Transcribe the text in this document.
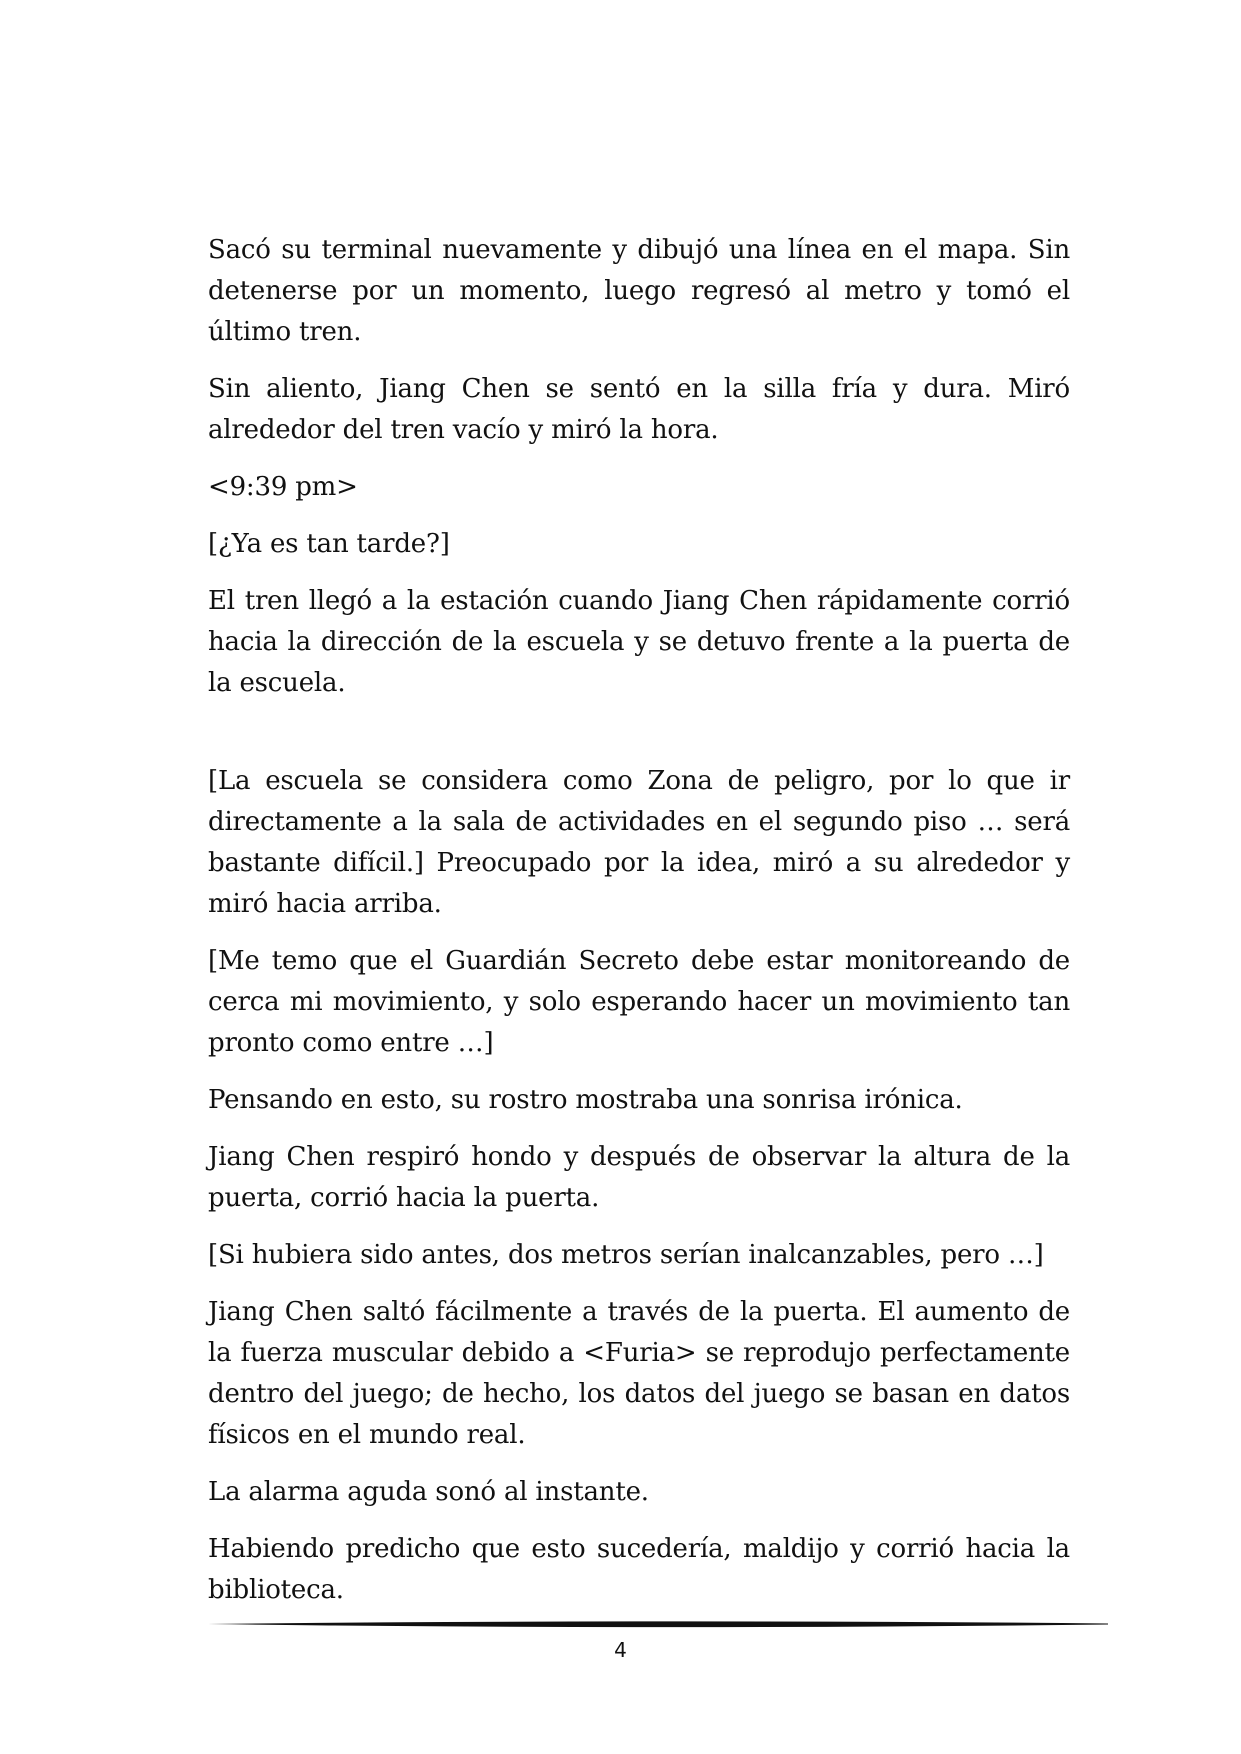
Sacó su terminal nuevamente y dibujó una línea en el mapa. Sin detenerse por un momento, luego regresó al metro y tomó el último tren.

Sin aliento, Jiang Chen se sentó en la silla fría y dura. Miró alrededor del tren vacío y miró la hora.

<9:39 pm>

[¿Ya es tan tarde?]

El tren llegó a la estación cuando Jiang Chen rápidamente corrió hacia la dirección de la escuela y se detuvo frente a la puerta de la escuela.

[La escuela se considera como Zona de peligro, por lo que ir directamente a la sala de actividades en el segundo piso … será bastante difícil.] Preocupado por la idea, miró a su alrededor y miró hacia arriba.

[Me temo que el Guardián Secreto debe estar monitoreando de cerca mi movimiento, y solo esperando hacer un movimiento tan pronto como entre …]

Pensando en esto, su rostro mostraba una sonrisa irónica.

Jiang Chen respiró hondo y después de observar la altura de la puerta, corrió hacia la puerta.

[Si hubiera sido antes, dos metros serían inalcanzables, pero …]

Jiang Chen saltó fácilmente a través de la puerta. El aumento de la fuerza muscular debido a <Furia> se reprodujo perfectamente dentro del juego; de hecho, los datos del juego se basan en datos físicos en el mundo real.

La alarma aguda sonó al instante.

Habiendo predicho que esto sucedería, maldijo y corrió hacia la biblioteca.

4
